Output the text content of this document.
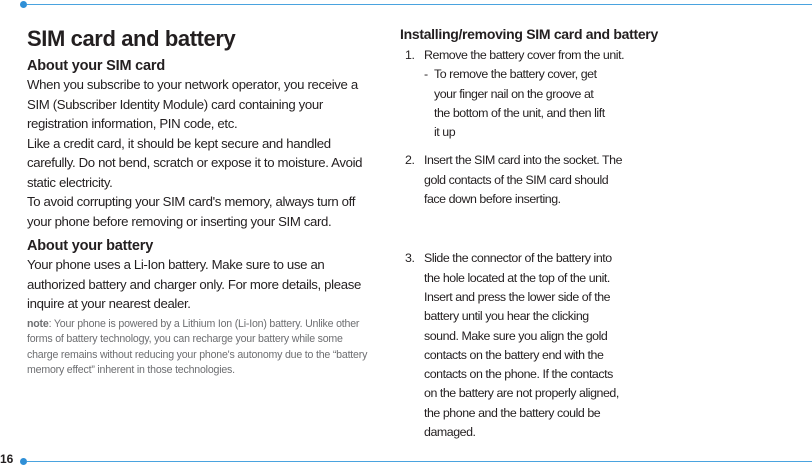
16
SIM card and battery
About your SIM card

When you subscribe to your network operator, you receive a SIM (Subscriber Identity Module) card containing your registration information, PIN code, etc.

Like a credit card, it should be kept secure and handled carefully. Do not bend, scratch or expose it to moisture. Avoid static electricity.

To avoid corrupting your SIM card's memory, always turn off your phone before removing or inserting your SIM card.

About your battery

Your phone uses a Li-Ion battery. Make sure to use an authorized battery and charger only. For more details, please inquire at your nearest dealer.

note: Your phone is powered by a Lithium Ion (Li-Ion) battery. Unlike other forms of battery technology, you can recharge your battery while some charge remains without reducing your phone's autonomy due to the “battery memory effect” inherent in those technologies.
Installing/removing SIM card and battery
1. Remove the battery cover from the unit.
- To remove the battery cover, get your finger nail on the groove at the bottom of the unit, and then lift it up
2. Insert the SIM card into the socket. The gold contacts of the SIM card should face down before inserting.
3. Slide the connector of the battery into the hole located at the top of the unit. Insert and press the lower side of the battery until you hear the clicking sound. Make sure you align the gold contacts on the battery end with the contacts on the phone. If the contacts on the battery are not properly aligned, the phone and the battery could be damaged.
